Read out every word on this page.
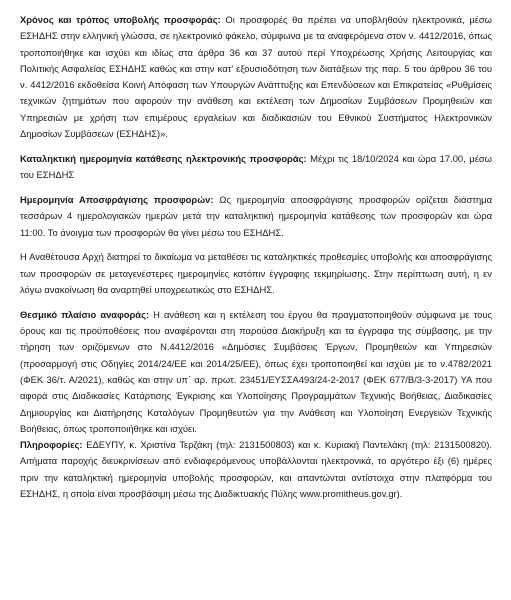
Χρόνος και τρόπος υποβολής προσφοράς: Οι προσφορές θα πρέπει να υποβληθούν ηλεκτρονικά, μέσω ΕΣΗΔΗΣ στην ελληνική γλώσσα, σε ηλεκτρονικό φάκελο, σύμφωνα με τα αναφερόμενα στον ν. 4412/2016, όπως τροποποιήθηκε και ισχύει και ιδίως στα άρθρα 36 και 37 αυτού περί Υποχρέωσης Χρήσης Λειτουργίας και Πολιτικής Ασφαλείας ΕΣΗΔΗΣ καθώς και στην κατ’ εξουσιοδότηση των διατάξεων της παρ. 5 του άρθρου 36 του ν. 4412/2016 εκδοθείσα Κοινή Απόφαση των Υπουργών Ανάπτυξης και Επενδύσεων και Επικρατείας «Ρυθμίσεις τεχνικών ζητημάτων που αφορούν την ανάθεση και εκτέλεση των Δημοσίων Συμβάσεων Προμηθειών και Υπηρεσιών με χρήση των επιμέρους εργαλείων και διαδικασιών του Εθνικού Συστήματος Ηλεκτρονικών Δημοσίων Συμβάσεων (ΕΣΗΔΗΣ)».

Καταληκτική ημερομηνία κατάθεσης ηλεκτρονικής προσφοράς: Μέχρι τις 18/10/2024 και ώρα 17.00, μέσω του ΕΣΗΔΗΣ

Ημερομηνία Αποσφράγισης προσφορών: Ως ημερομηνία αποσφράγισης προσφορών ορίζεται διάστημα τεσσάρων 4 ημερολογιακών ημερών μετά την καταληκτική ημερομηνία κατάθεσης των προσφορών και ώρα 11:00. Το άνοιγμα των προσφορών θα γίνει μέσω του ΕΣΗΔΗΣ.

Η Αναθέτουσα Αρχή διατηρεί το δικαίωμα να μεταθέσει τις καταληκτικές προθεσμίες υποβολής και αποσφράγισης των προσφορών σε μεταγενέστερες ημερομηνίες κατόπιν έγγραφης τεκμηρίωσης. Στην περίπτωση αυτή, η εν λόγω ανακοίνωση θα αναρτηθεί υποχρεωτικώς στο ΕΣΗΔΗΣ.

Θεσμικό πλαίσιο αναφοράς: Η ανάθεση και η εκτέλεση του έργου θα πραγματοποιηθούν σύμφωνα με τους όρους και τις προϋποθέσεις που αναφέρονται στη παρούσα Διακήρυξη και τα έγγραφα της σύμβασης, με την τήρηση των οριζόμενων στο Ν.4412/2016 «Δημόσιες Συμβάσεις Έργων, Προμηθειών και Υπηρεσιών (προσαρμογή στις Οδηγίες 2014/24/ΕΕ και 2014/25/ΕΕ), όπως έχει τροποποιηθεί και ισχύει με το ν.4782/2021 (ΦΕΚ 36/τ. Α/2021), καθώς και στην υπ΄ αρ. πρωτ. 23451/ΕΥΣΣΑ493/24-2-2017 (ΦΕΚ 677/Β/3-3-2017) ΥΑ που αφορά στις Διαδικασίες Κατάρτισης Έγκρισης και Υλοποίησης Προγραμμάτων Τεχνικής Βοήθειας, Διαδικασίες Δημιουργίας και Διατήρησης Καταλόγων Προμηθευτών για την Ανάθεση και Υλοποίηση Ενεργειών Τεχνικής Βοήθειας, όπως τροποποιήθηκε και ισχύει.

Πληροφορίες: ΕΔΕΥΠΥ, κ. Χριστίνα Τερζάκη (τηλ: 2131500803) και κ. Κυριακή Παντελάκη (τηλ: 2131500820). Αιτήματα παροχής διευκρινίσεων από ενδιαφερόμενους υποβάλλονται ηλεκτρονικά, το αργότερο έξι (6) ημέρες πριν την καταληκτική ημερομηνία υποβολής προσφορών, και απαντώνται αντίστοιχα στην πλατφόρμα του ΕΣΗΔΗΣ, η οποία είναι προσβάσιμη μέσω της Διαδικτυακής Πύλης www.promitheus.gov.gr).
